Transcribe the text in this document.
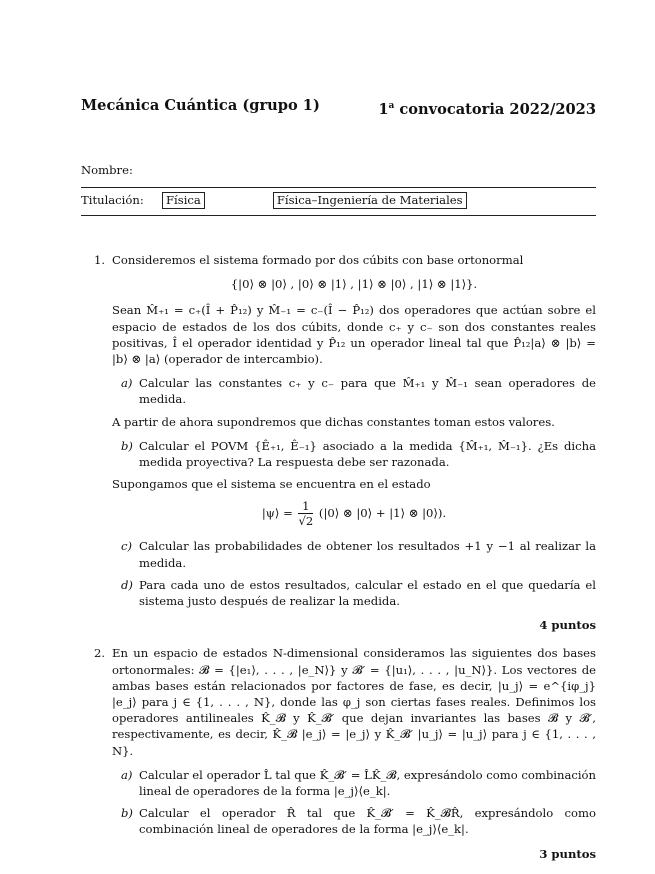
Mecánica Cuántica (grupo 1)	1$^a$ convocatoria 2022/2023
Nombre:
Titulación:	Física	Física–Ingeniería de Materiales
1. Consideremos el sistema formado por dos cúbits con base ortonormal

{|0⟩ ⊗ |0⟩ , |0⟩ ⊗ |1⟩ , |1⟩ ⊗ |0⟩ , |1⟩ ⊗ |1⟩}.

Sean M̂₊₁ = c₊(Î + P̂₁₂) y M̂₋₁ = c₋(Î − P̂₁₂) dos operadores que actúan sobre el espacio de estados de los dos cúbits, donde c₊ y c₋ son dos constantes reales positivas, Î el operador identidad y P̂₁₂ un operador lineal tal que P̂₁₂|a⟩ ⊗ |b⟩ = |b⟩ ⊗ |a⟩ (operador de intercambio).

a) Calcular las constantes c₊ y c₋ para que M̂₊₁ y M̂₋₁ sean operadores de medida.

A partir de ahora supondremos que dichas constantes toman estos valores.

b) Calcular el POVM {Ê₊₁, Ê₋₁} asociado a la medida {M̂₊₁, M̂₋₁}. ¿Es dicha medida proyectiva? La respuesta debe ser razonada.

Supongamos que el sistema se encuentra en el estado

|ψ⟩ = $\frac{1}{√2}$ (|0⟩ ⊗ |0⟩ + |1⟩ ⊗ |0⟩).

c) Calcular las probabilidades de obtener los resultados +1 y −1 al realizar la medida.

d) Para cada uno de estos resultados, calcular el estado en el que quedaría el sistema justo después de realizar la medida.

4 puntos
2. En un espacio de estados N-dimensional consideramos las siguientes dos bases ortonormales: 𝓑 = {|e₁⟩, . . . , |e_N⟩} y 𝓑′ = {|u₁⟩, . . . , |u_N⟩}. Los vectores de ambas bases están relacionados por factores de fase, es decir, |u_j⟩ = e^{iφ_j} |e_j⟩ para j ∈ {1, . . . , N}, donde las φ_j son ciertas fases reales. Definimos los operadores antilineales K̂_𝓑 y K̂_𝓑′ que dejan invariantes las bases 𝓑 y 𝓑′, respectivamente, es decir, K̂_𝓑 |e_j⟩ = |e_j⟩ y K̂_𝓑′ |u_j⟩ = |u_j⟩ para j ∈ {1, . . . , N}.

a) Calcular el operador L̂ tal que K̂_𝓑′ = L̂K̂_𝓑, expresándolo como combinación lineal de operadores de la forma |e_j⟩⟨e_k|.

b) Calcular el operador R̂ tal que K̂_𝓑′ = K̂_𝓑R̂, expresándolo como combinación lineal de operadores de la forma |e_j⟩⟨e_k|.

3 puntos
